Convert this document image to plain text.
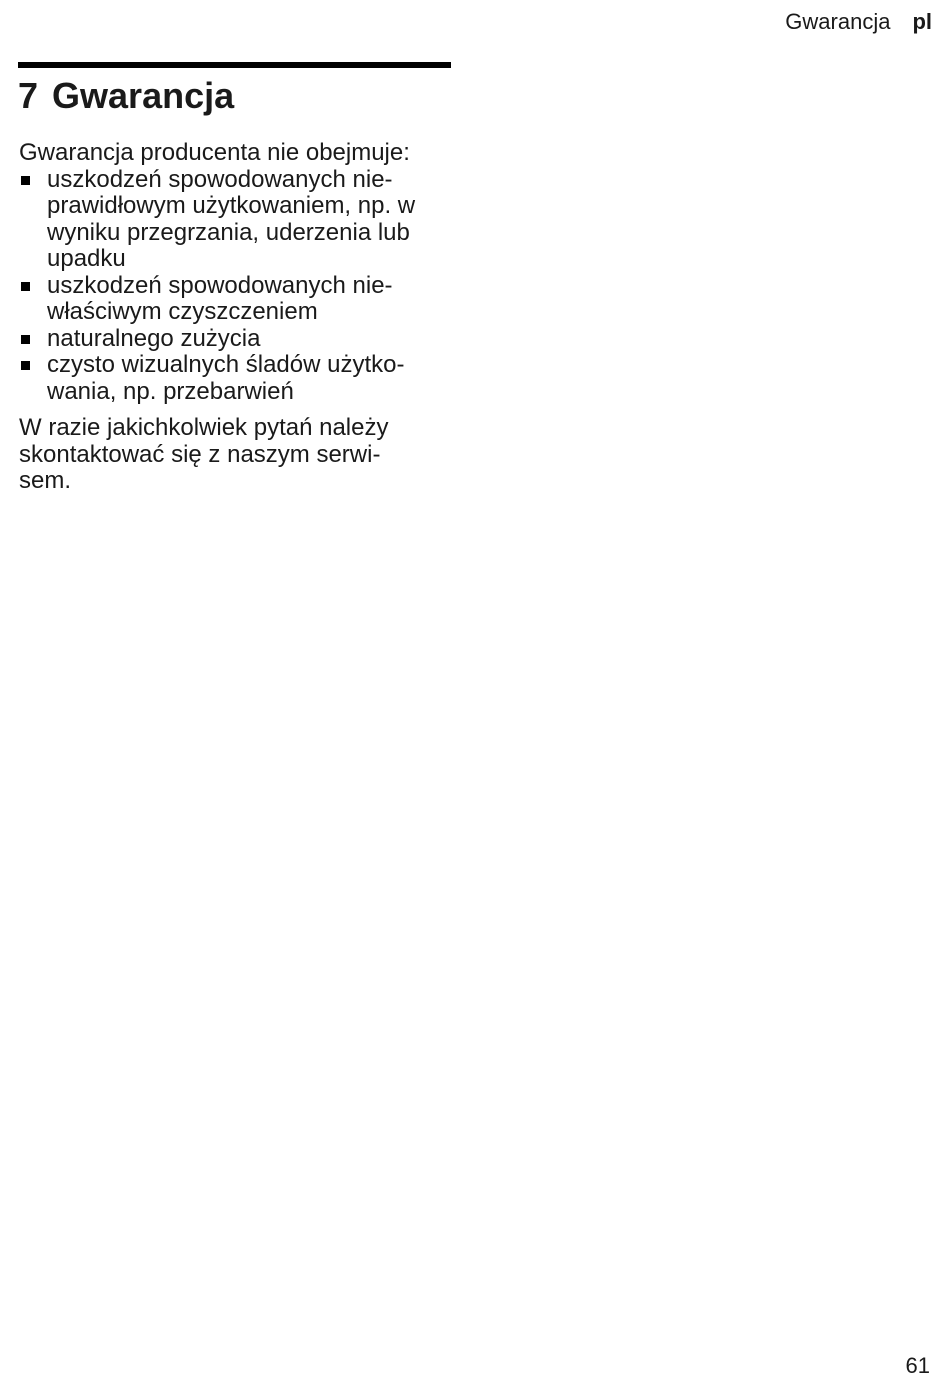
Gwarancja pl
7 Gwarancja

Gwarancja producenta nie obejmuje:

uszkodzeń spowodowanych nie-
prawidłowym użytkowaniem, np. w
wyniku przegrzania, uderzenia lub
upadku
uszkodzeń spowodowanych nie-
właściwym czyszczeniem
naturalnego zużycia
czysto wizualnych śladów użytko-
wania, np. przebarwień

W razie jakichkolwiek pytań należy
skontaktować się z naszym serwi-
sem.

61
